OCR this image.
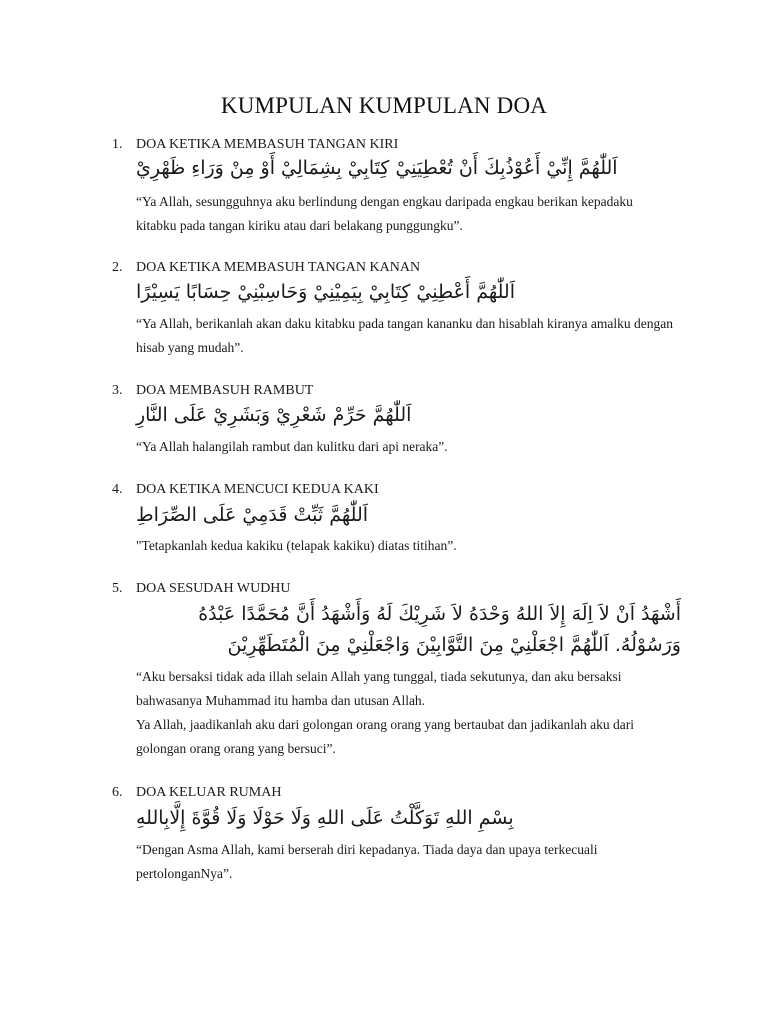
KUMPULAN KUMPULAN DOA
1. DOA KETIKA MEMBASUH TANGAN KIRI
اَللّٰهُمَّ إِنِّيْ أَعُوْذُبِكَ أَنْ تُعْطِيَنِيْ كِتَابِيْ بِشِمَالِيْ أَوْ مِنْ وَرَاءِ ظَهْرِيْ

“Ya Allah, sesungguhnya aku berlindung dengan engkau daripada engkau berikan kepadaku kitabku pada tangan kiriku atau dari belakang punggungku”.

2. DOA KETIKA MEMBASUH TANGAN KANAN
اَللّٰهُمَّ أَعْطِنِيْ كِتَابِيْ بِيَمِيْنِيْ وَحَاسِبْنِيْ حِسَابًا يَسِيْرًا

“Ya Allah, berikanlah akan daku kitabku pada tangan kananku dan hisablah kiranya amalku dengan hisab yang mudah”.

3. DOA MEMBASUH RAMBUT
اَللّٰهُمَّ حَرِّمْ شَعْرِيْ وَبَشَرِيْ عَلَى النَّارِ

“Ya Allah halangilah rambut dan kulitku dari api neraka”.

4. DOA KETIKA MENCUCI KEDUA KAKI
اَللّٰهُمَّ ثَبِّتْ قَدَمِيْ عَلَى الصِّرَاطِ

"Tetapkanlah kedua kakiku (telapak kakiku) diatas titihan”.

5. DOA SESUDAH WUDHU
أَشْهَدُ اَنْ لاَ اِلَهَ إِلاَ اللهُ وَحْدَهُ لاَ شَرِيْكَ لَهُ وَأَشْهَدُ أَنَّ مُحَمَّدًا عَبْدُهُ وَرَسُوْلُهُ. اَللّٰهُمَّ اجْعَلْنِيْ مِنَ التَّوَّابِيْنَ وَاجْعَلْنِيْ مِنَ الْمُتَطَهِّرِيْنَ

“Aku bersaksi tidak ada illah selain Allah yang tunggal, tiada sekutunya, dan aku bersaksi bahwasanya Muhammad itu hamba dan utusan Allah.

Ya Allah, jaadikanlah aku dari golongan orang orang yang bertaubat dan jadikanlah aku dari golongan orang orang yang bersuci”.

6. DOA KELUAR RUMAH
بِسْمِ اللهِ تَوَكَّلْتُ عَلَى اللهِ وَلَا حَوْلَا وَلَا قُوَّةَ إِلَّابِاللهِ

“Dengan Asma Allah, kami berserah diri kepadanya. Tiada daya dan upaya terkecuali pertolonganNya”.
